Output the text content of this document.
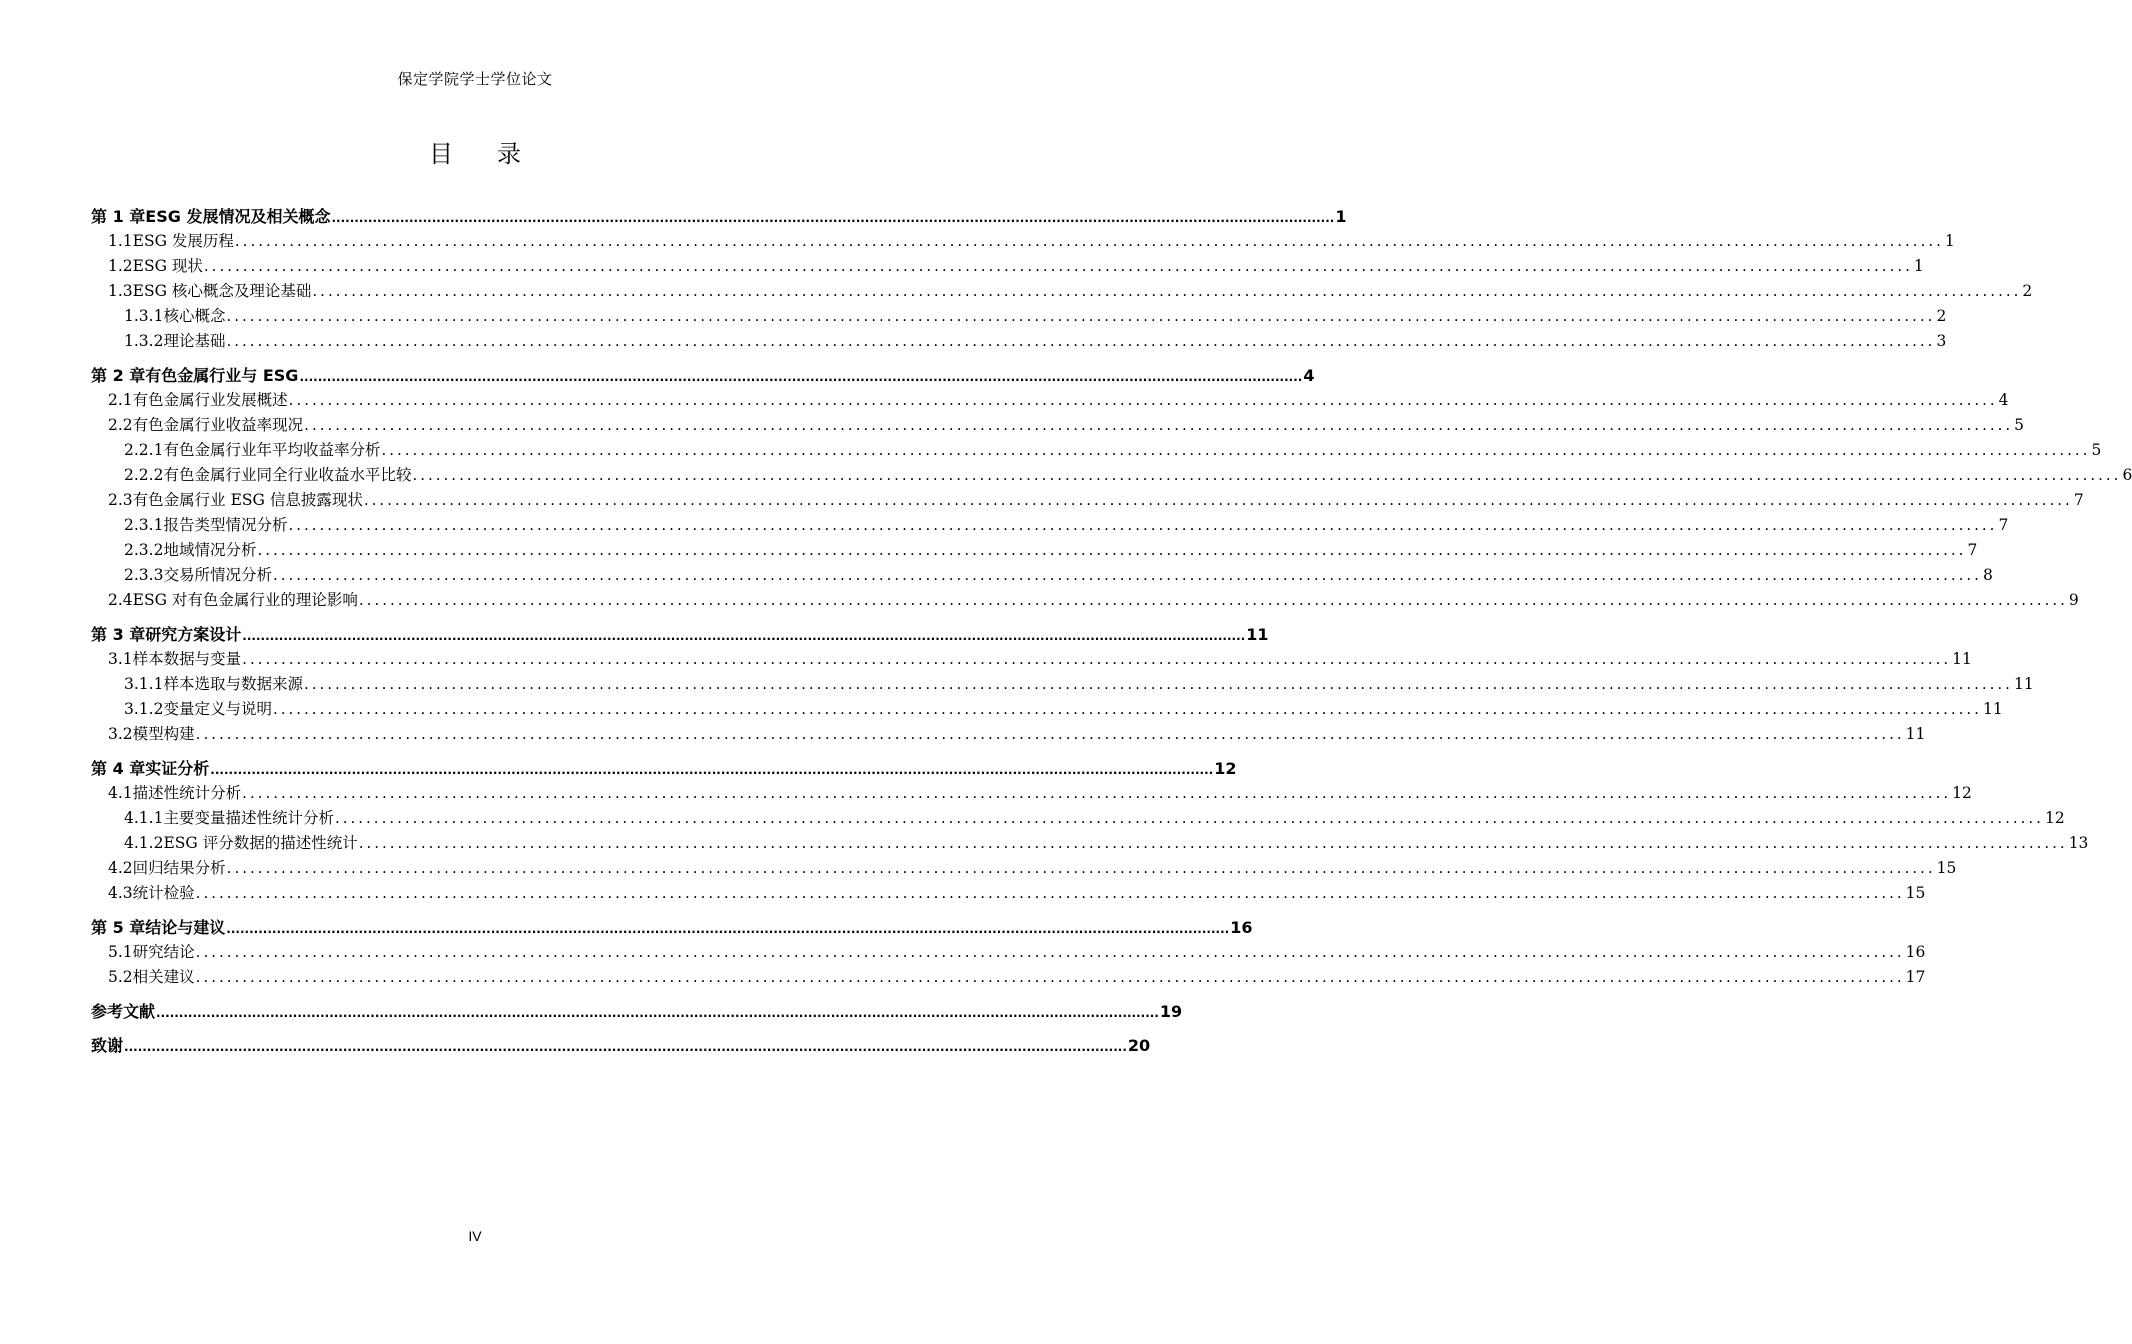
保定学院学士学位论文
目录
第 1 章 ESG 发展情况及相关概念 ............................................................................................................................................................................................................................ 1
1.1 ESG 发展历程 ............................................................................................................................................................................................................................ 1
1.2 ESG 现状 ............................................................................................................................................................................................................................ 1
1.3 ESG 核心概念及理论基础 ............................................................................................................................................................................................................................ 2
1.3.1 核心概念 ............................................................................................................................................................................................................................ 2
1.3.2 理论基础 ............................................................................................................................................................................................................................ 3
第 2 章 有色金属行业与 ESG ............................................................................................................................................................................................................................ 4
2.1 有色金属行业发展概述 ............................................................................................................................................................................................................................ 4
2.2 有色金属行业收益率现况 ............................................................................................................................................................................................................................ 5
2.2.1 有色金属行业年平均收益率分析 ............................................................................................................................................................................................................................ 5
2.2.2 有色金属行业同全行业收益水平比较 ............................................................................................................................................................................................................................ 6
2.3 有色金属行业 ESG 信息披露现状 ............................................................................................................................................................................................................................ 7
2.3.1 报告类型情况分析 ............................................................................................................................................................................................................................ 7
2.3.2 地域情况分析 ............................................................................................................................................................................................................................ 7
2.3.3 交易所情况分析 ............................................................................................................................................................................................................................ 8
2.4 ESG 对有色金属行业的理论影响 ............................................................................................................................................................................................................................ 9
第 3 章 研究方案设计 ............................................................................................................................................................................................................................ 11
3.1 样本数据与变量 ............................................................................................................................................................................................................................ 11
3.1.1 样本选取与数据来源 ............................................................................................................................................................................................................................ 11
3.1.2 变量定义与说明 ............................................................................................................................................................................................................................ 11
3.2 模型构建 ............................................................................................................................................................................................................................ 11
第 4 章 实证分析 ............................................................................................................................................................................................................................ 12
4.1 描述性统计分析 ............................................................................................................................................................................................................................ 12
4.1.1 主要变量描述性统计分析 ............................................................................................................................................................................................................................ 12
4.1.2 ESG 评分数据的描述性统计 ............................................................................................................................................................................................................................ 13
4.2 回归结果分析 ............................................................................................................................................................................................................................ 15
4.3 统计检验 ............................................................................................................................................................................................................................ 15
第 5 章 结论与建议 ............................................................................................................................................................................................................................ 16
5.1 研究结论 ............................................................................................................................................................................................................................ 16
5.2 相关建议 ............................................................................................................................................................................................................................ 17
参考文献 ............................................................................................................................................................................................................................ 19
致谢 ............................................................................................................................................................................................................................ 20
IV
